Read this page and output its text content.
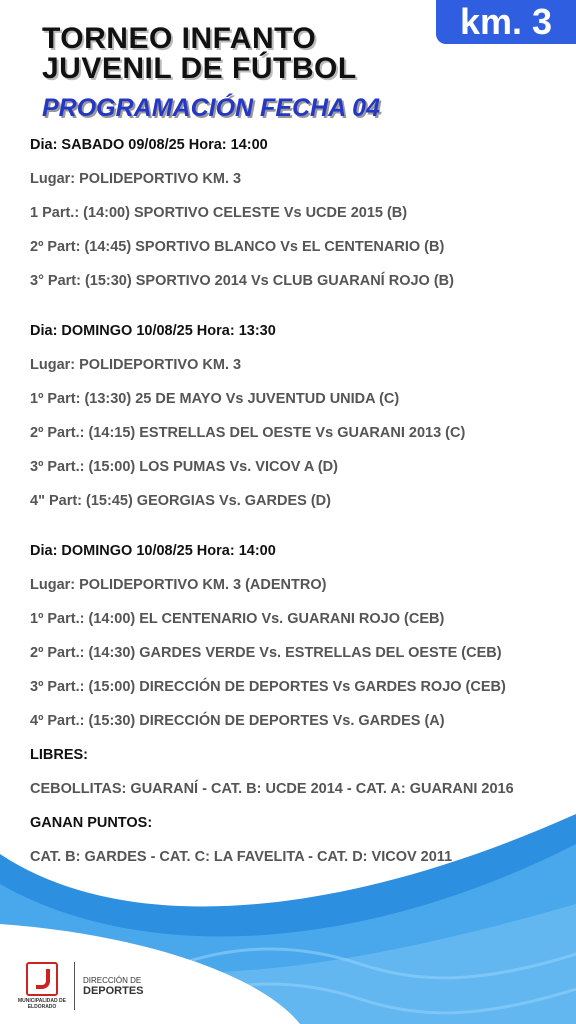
km. 3
TORNEO INFANTO
JUVENIL DE FÚTBOL
PROGRAMACIÓN FECHA 04
Dia: SABADO 09/08/25 Hora: 14:00
Lugar: POLIDEPORTIVO KM. 3
1 Part.: (14:00) SPORTIVO CELESTE Vs UCDE 2015 (B)
2º Part: (14:45) SPORTIVO BLANCO Vs EL CENTENARIO (B)
3° Part: (15:30) SPORTIVO 2014 Vs CLUB GUARANÍ ROJO (B)
Dia: DOMINGO 10/08/25 Hora: 13:30
Lugar: POLIDEPORTIVO KM. 3
1º Part: (13:30) 25 DE MAYO Vs JUVENTUD UNIDA (C)
2º Part.: (14:15) ESTRELLAS DEL OESTE Vs GUARANI 2013 (C)
3º Part.: (15:00) LOS PUMAS Vs. VICOV A (D)
4" Part: (15:45) GEORGIAS Vs. GARDES (D)
Dia: DOMINGO 10/08/25 Hora: 14:00
Lugar: POLIDEPORTIVO KM. 3 (ADENTRO)
1º Part.: (14:00) EL CENTENARIO Vs. GUARANI ROJO (CEB)
2º Part.: (14:30) GARDES VERDE Vs. ESTRELLAS DEL OESTE (CEB)
3º Part.: (15:00) DIRECCIÓN DE DEPORTES Vs GARDES ROJO (CEB)
4º Part.: (15:30) DIRECCIÓN DE DEPORTES Vs. GARDES (A)
LIBRES:
CEBOLLITAS: GUARANÍ - CAT. B: UCDE 2014 - CAT. A: GUARANI 2016
GANAN PUNTOS:
CAT. B: GARDES - CAT. C: LA FAVELITA - CAT. D: VICOV 2011
MUNICIPALIDAD DE ELDORADO
DIRECCIÓN DE
DEPORTES
